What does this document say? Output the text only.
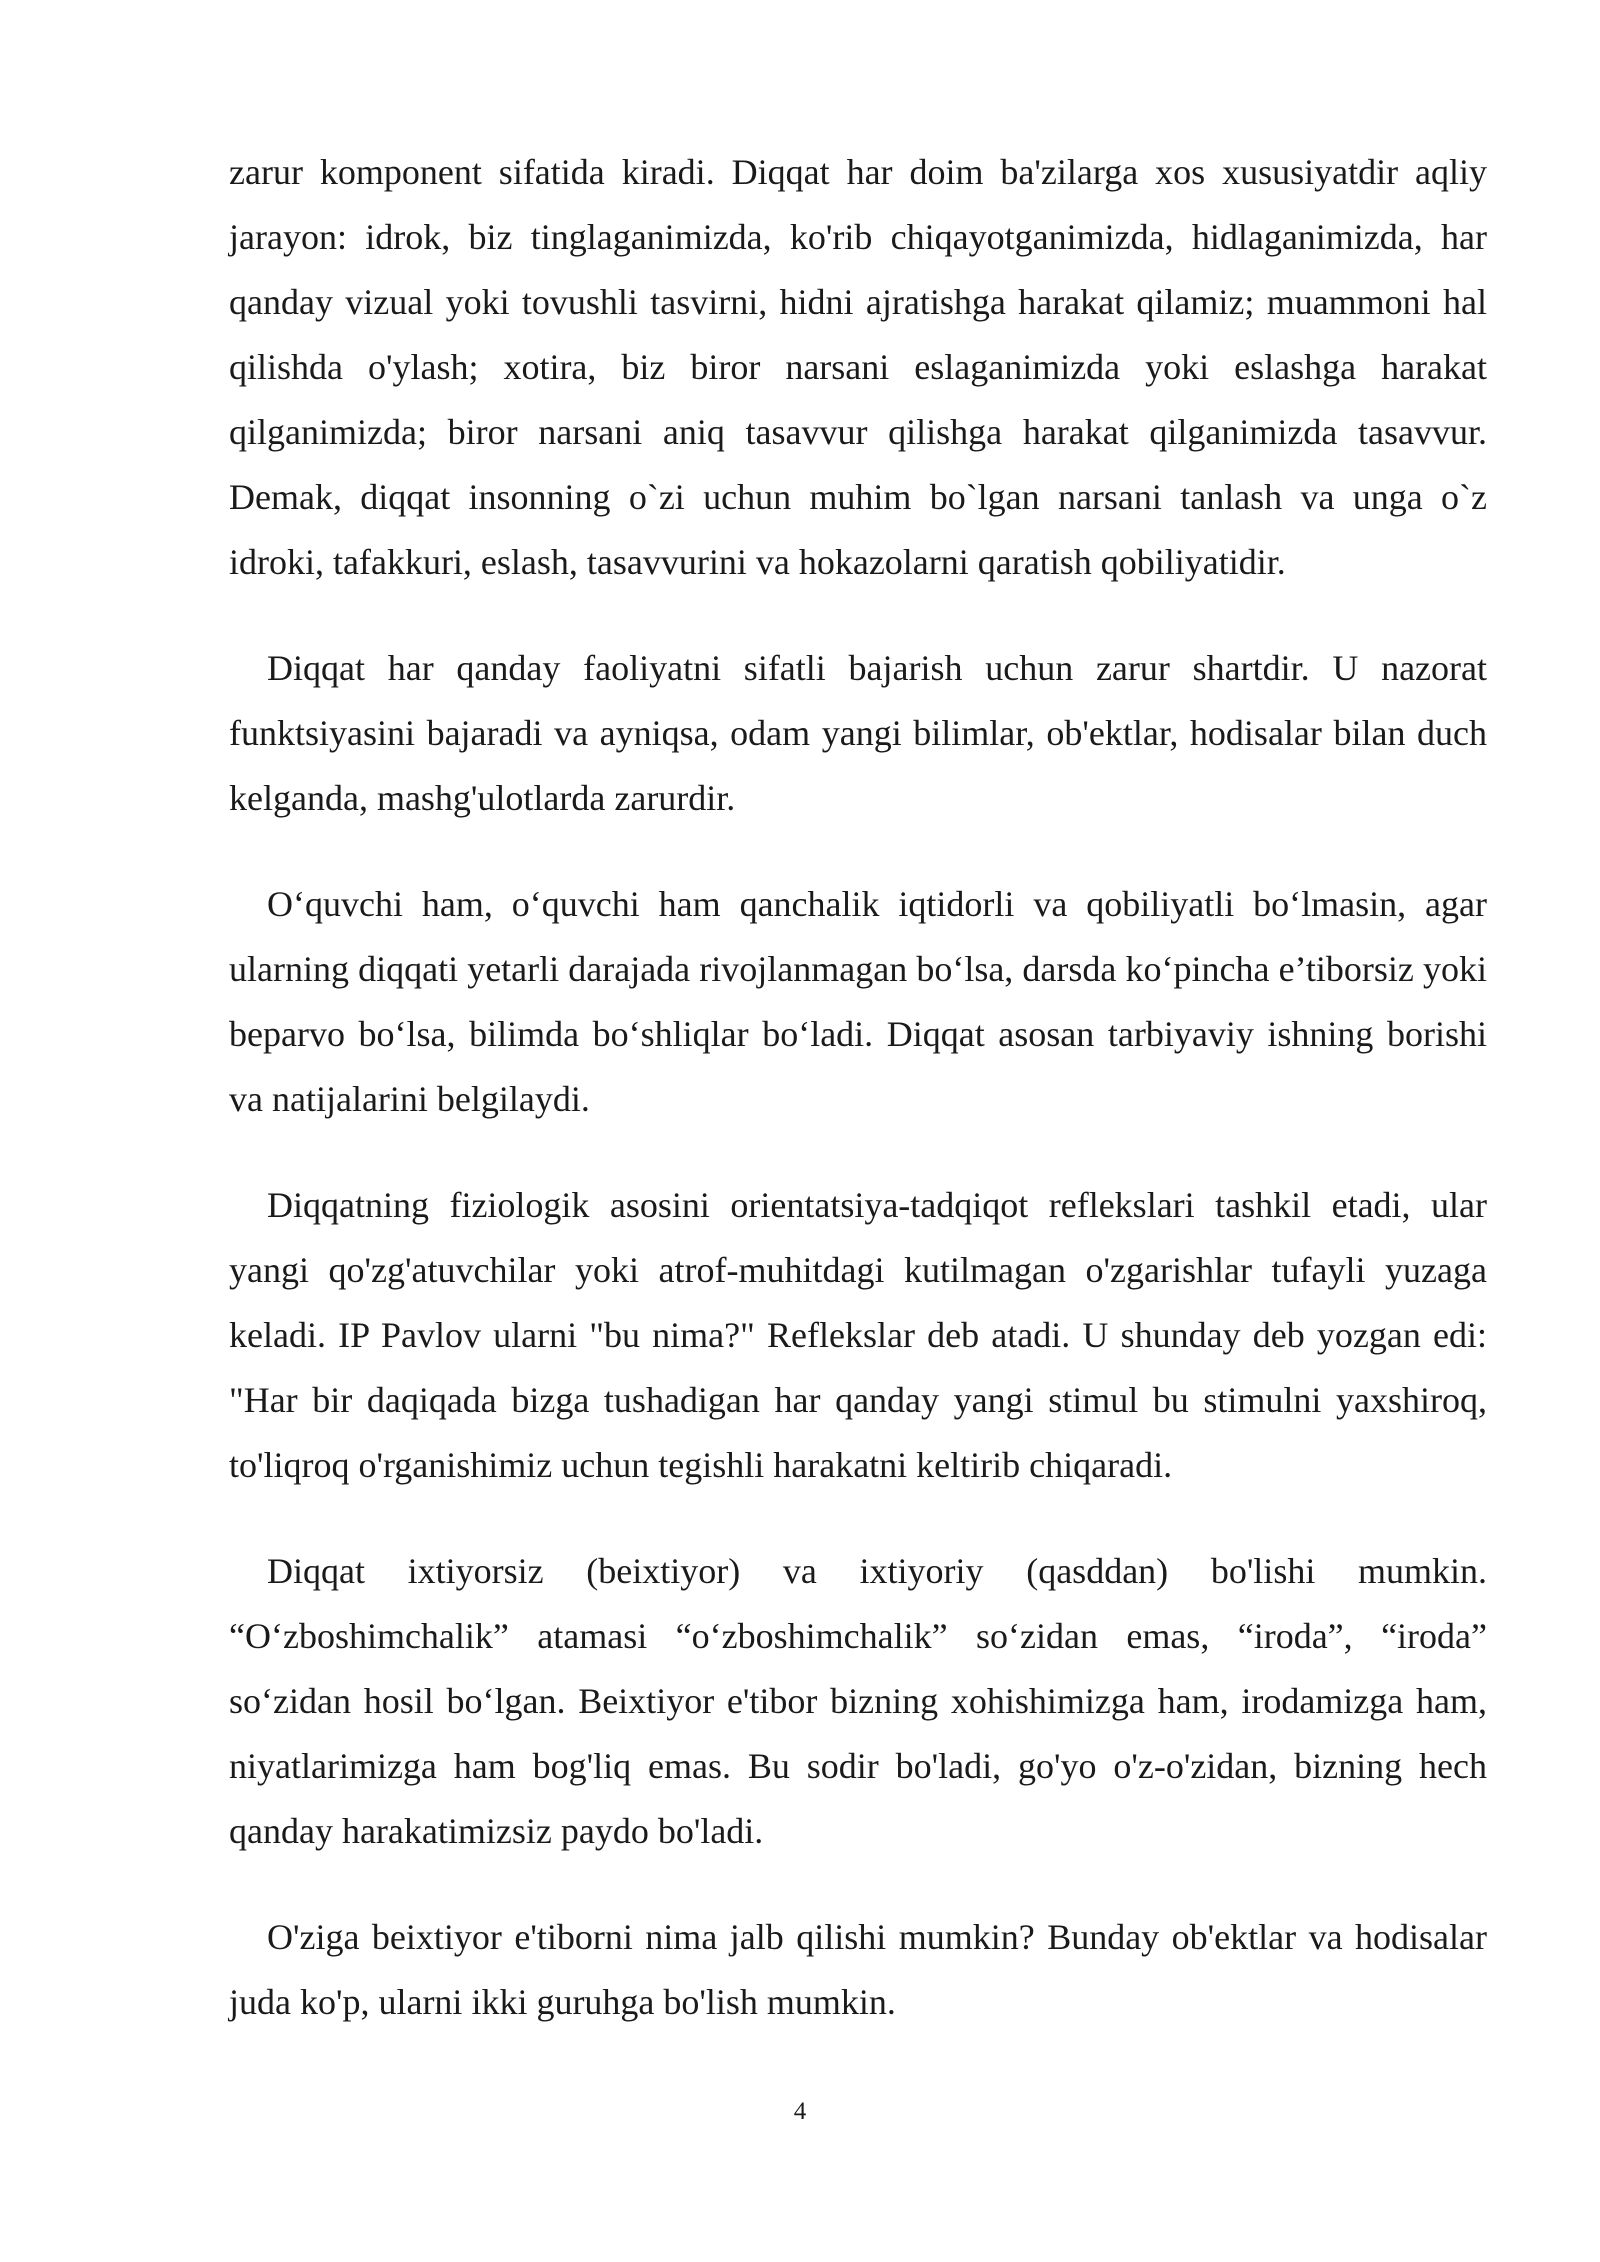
zarur komponent sifatida kiradi. Diqqat har doim ba'zilarga xos xususiyatdir aqliy jarayon: idrok, biz tinglaganimizda, ko'rib chiqayotganimizda, hidlaganimizda, har qanday vizual yoki tovushli tasvirni, hidni ajratishga harakat qilamiz; muammoni hal qilishda o'ylash; xotira, biz biror narsani eslaganimizda yoki eslashga harakat qilganimizda; biror narsani aniq tasavvur qilishga harakat qilganimizda tasavvur. Demak, diqqat insonning o`zi uchun muhim bo`lgan narsani tanlash va unga o`z idroki, tafakkuri, eslash, tasavvurini va hokazolarni qaratish qobiliyatidir.

Diqqat har qanday faoliyatni sifatli bajarish uchun zarur shartdir. U nazorat funktsiyasini bajaradi va ayniqsa, odam yangi bilimlar, ob'ektlar, hodisalar bilan duch kelganda, mashg'ulotlarda zarurdir.

O‘quvchi ham, o‘quvchi ham qanchalik iqtidorli va qobiliyatli bo‘lmasin, agar ularning diqqati yetarli darajada rivojlanmagan bo‘lsa, darsda ko‘pincha e’tiborsiz yoki beparvo bo‘lsa, bilimda bo‘shliqlar bo‘ladi. Diqqat asosan tarbiyaviy ishning borishi va natijalarini belgilaydi.

Diqqatning fiziologik asosini orientatsiya-tadqiqot reflekslari tashkil etadi, ular yangi qo'zg'atuvchilar yoki atrof-muhitdagi kutilmagan o'zgarishlar tufayli yuzaga keladi. IP Pavlov ularni "bu nima?" Reflekslar deb atadi. U shunday deb yozgan edi: "Har bir daqiqada bizga tushadigan har qanday yangi stimul bu stimulni yaxshiroq, to'liqroq o'rganishimiz uchun tegishli harakatni keltirib chiqaradi.

Diqqat ixtiyorsiz (beixtiyor) va ixtiyoriy (qasddan) bo'lishi mumkin. “O‘zboshimchalik” atamasi “o‘zboshimchalik” so‘zidan emas, “iroda”, “iroda” so‘zidan hosil bo‘lgan. Beixtiyor e'tibor bizning xohishimizga ham, irodamizga ham, niyatlarimizga ham bog'liq emas. Bu sodir bo'ladi, go'yo o'z-o'zidan, bizning hech qanday harakatimizsiz paydo bo'ladi.

O'ziga beixtiyor e'tiborni nima jalb qilishi mumkin? Bunday ob'ektlar va hodisalar juda ko'p, ularni ikki guruhga bo'lish mumkin.

4
